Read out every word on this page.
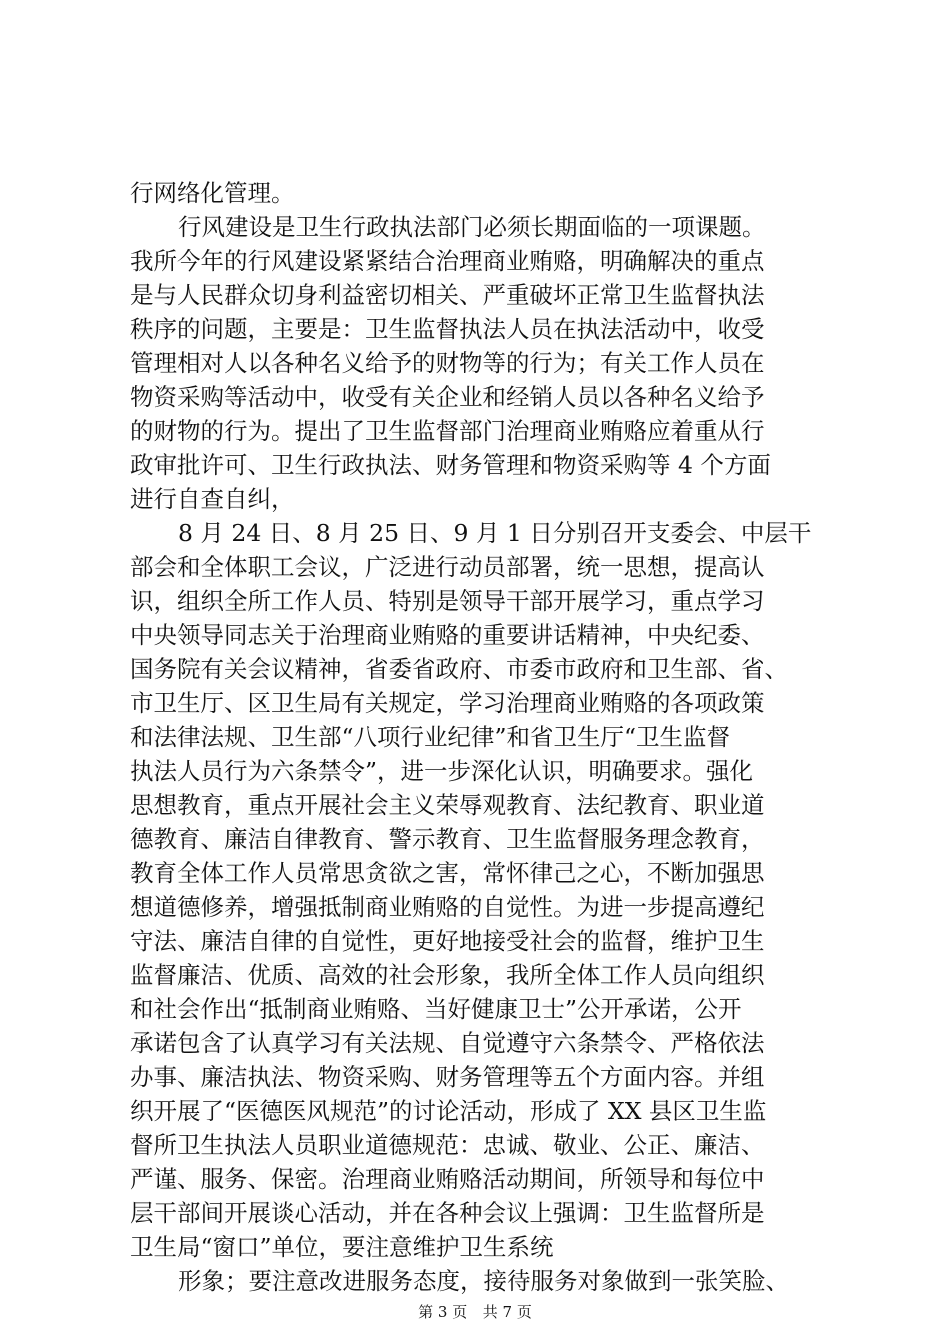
行网络化管理。
行风建设是卫生行政执法部门必须长期面临的一项课题。
我所今年的行风建设紧紧结合治理商业贿赂，明确解决的重点
是与人民群众切身利益密切相关、严重破坏正常卫生监督执法
秩序的问题，主要是：卫生监督执法人员在执法活动中，收受
管理相对人以各种名义给予的财物等的行为；有关工作人员在
物资采购等活动中，收受有关企业和经销人员以各种名义给予
的财物的行为。提出了卫生监督部门治理商业贿赂应着重从行
政审批许可、卫生行政执法、财务管理和物资采购等 4 个方面
进行自查自纠，
8 月 24 日、8 月 25 日、9 月 1 日分别召开支委会、中层干
部会和全体职工会议，广泛进行动员部署，统一思想，提高认
识，组织全所工作人员、特别是领导干部开展学习，重点学习
中央领导同志关于治理商业贿赂的重要讲话精神，中央纪委、
国务院有关会议精神，省委省政府、市委市政府和卫生部、省、
市卫生厅、区卫生局有关规定，学习治理商业贿赂的各项政策
和法律法规、卫生部“八项行业纪律”和省卫生厅“卫生监督
执法人员行为六条禁令”，进一步深化认识，明确要求。强化
思想教育，重点开展社会主义荣辱观教育、法纪教育、职业道
德教育、廉洁自律教育、警示教育、卫生监督服务理念教育，
教育全体工作人员常思贪欲之害，常怀律己之心，不断加强思
想道德修养，增强抵制商业贿赂的自觉性。为进一步提高遵纪
守法、廉洁自律的自觉性，更好地接受社会的监督，维护卫生
监督廉洁、优质、高效的社会形象，我所全体工作人员向组织
和社会作出“抵制商业贿赂、当好健康卫士”公开承诺，公开
承诺包含了认真学习有关法规、自觉遵守六条禁令、严格依法
办事、廉洁执法、物资采购、财务管理等五个方面内容。并组
织开展了“医德医风规范”的讨论活动，形成了 XX 县区卫生监
督所卫生执法人员职业道德规范：忠诚、敬业、公正、廉洁、
严谨、服务、保密。治理商业贿赂活动期间，所领导和每位中
层干部间开展谈心活动，并在各种会议上强调：卫生监督所是
卫生局“窗口”单位，要注意维护卫生系统
形象；要注意改进服务态度，接待服务对象做到一张笑脸、
第 3 页 共 7 页
